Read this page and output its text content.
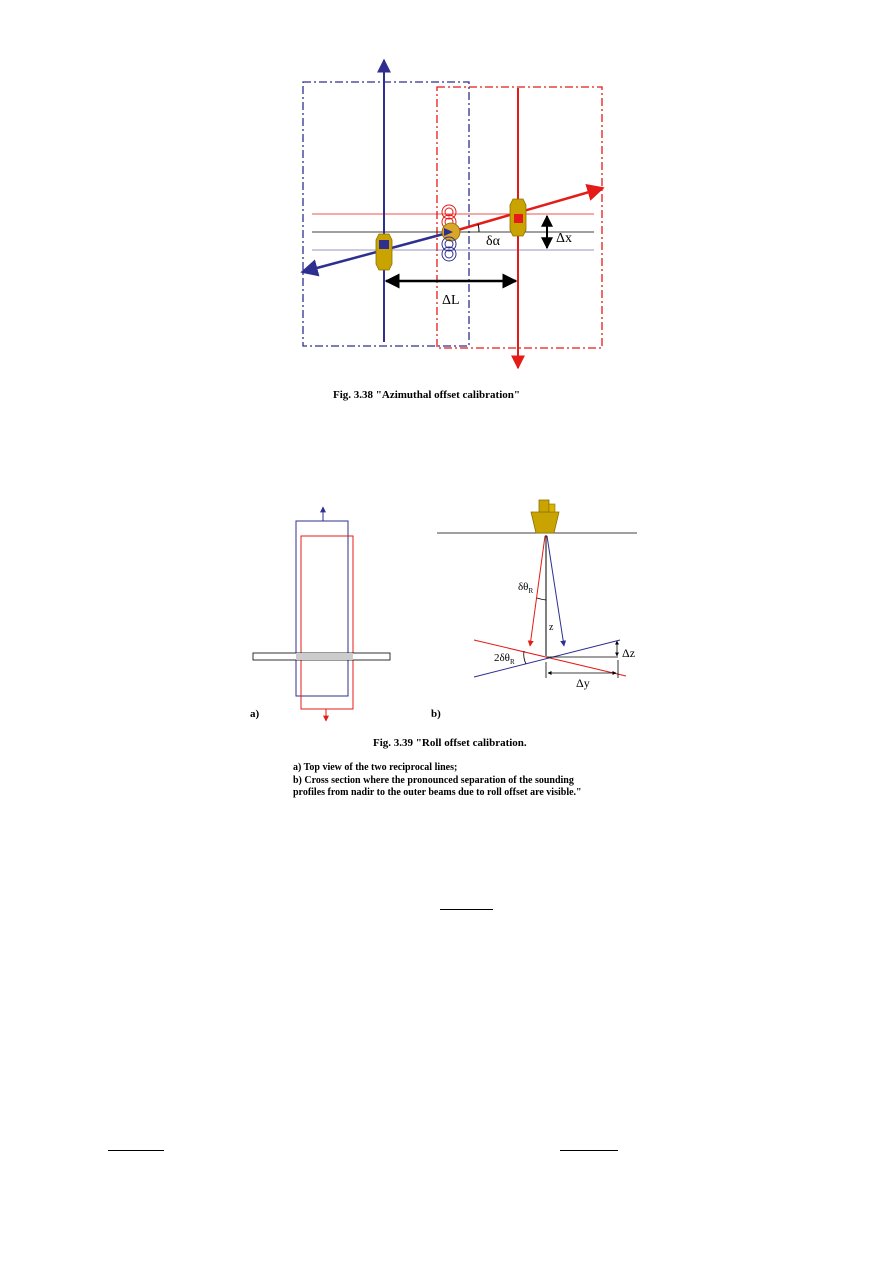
δα	Δx
ΔL
Fig. 3.38 "Azimuthal offset calibration"
$\delta\theta_R$
z
$2\delta\theta_R$
Δz
Δy
a)	b)
Fig. 3.39 "Roll offset calibration.
a) Top view of the two reciprocal lines;
b) Cross section where the pronounced separation of the sounding
profiles from nadir to the outer beams due to roll offset are visible."
